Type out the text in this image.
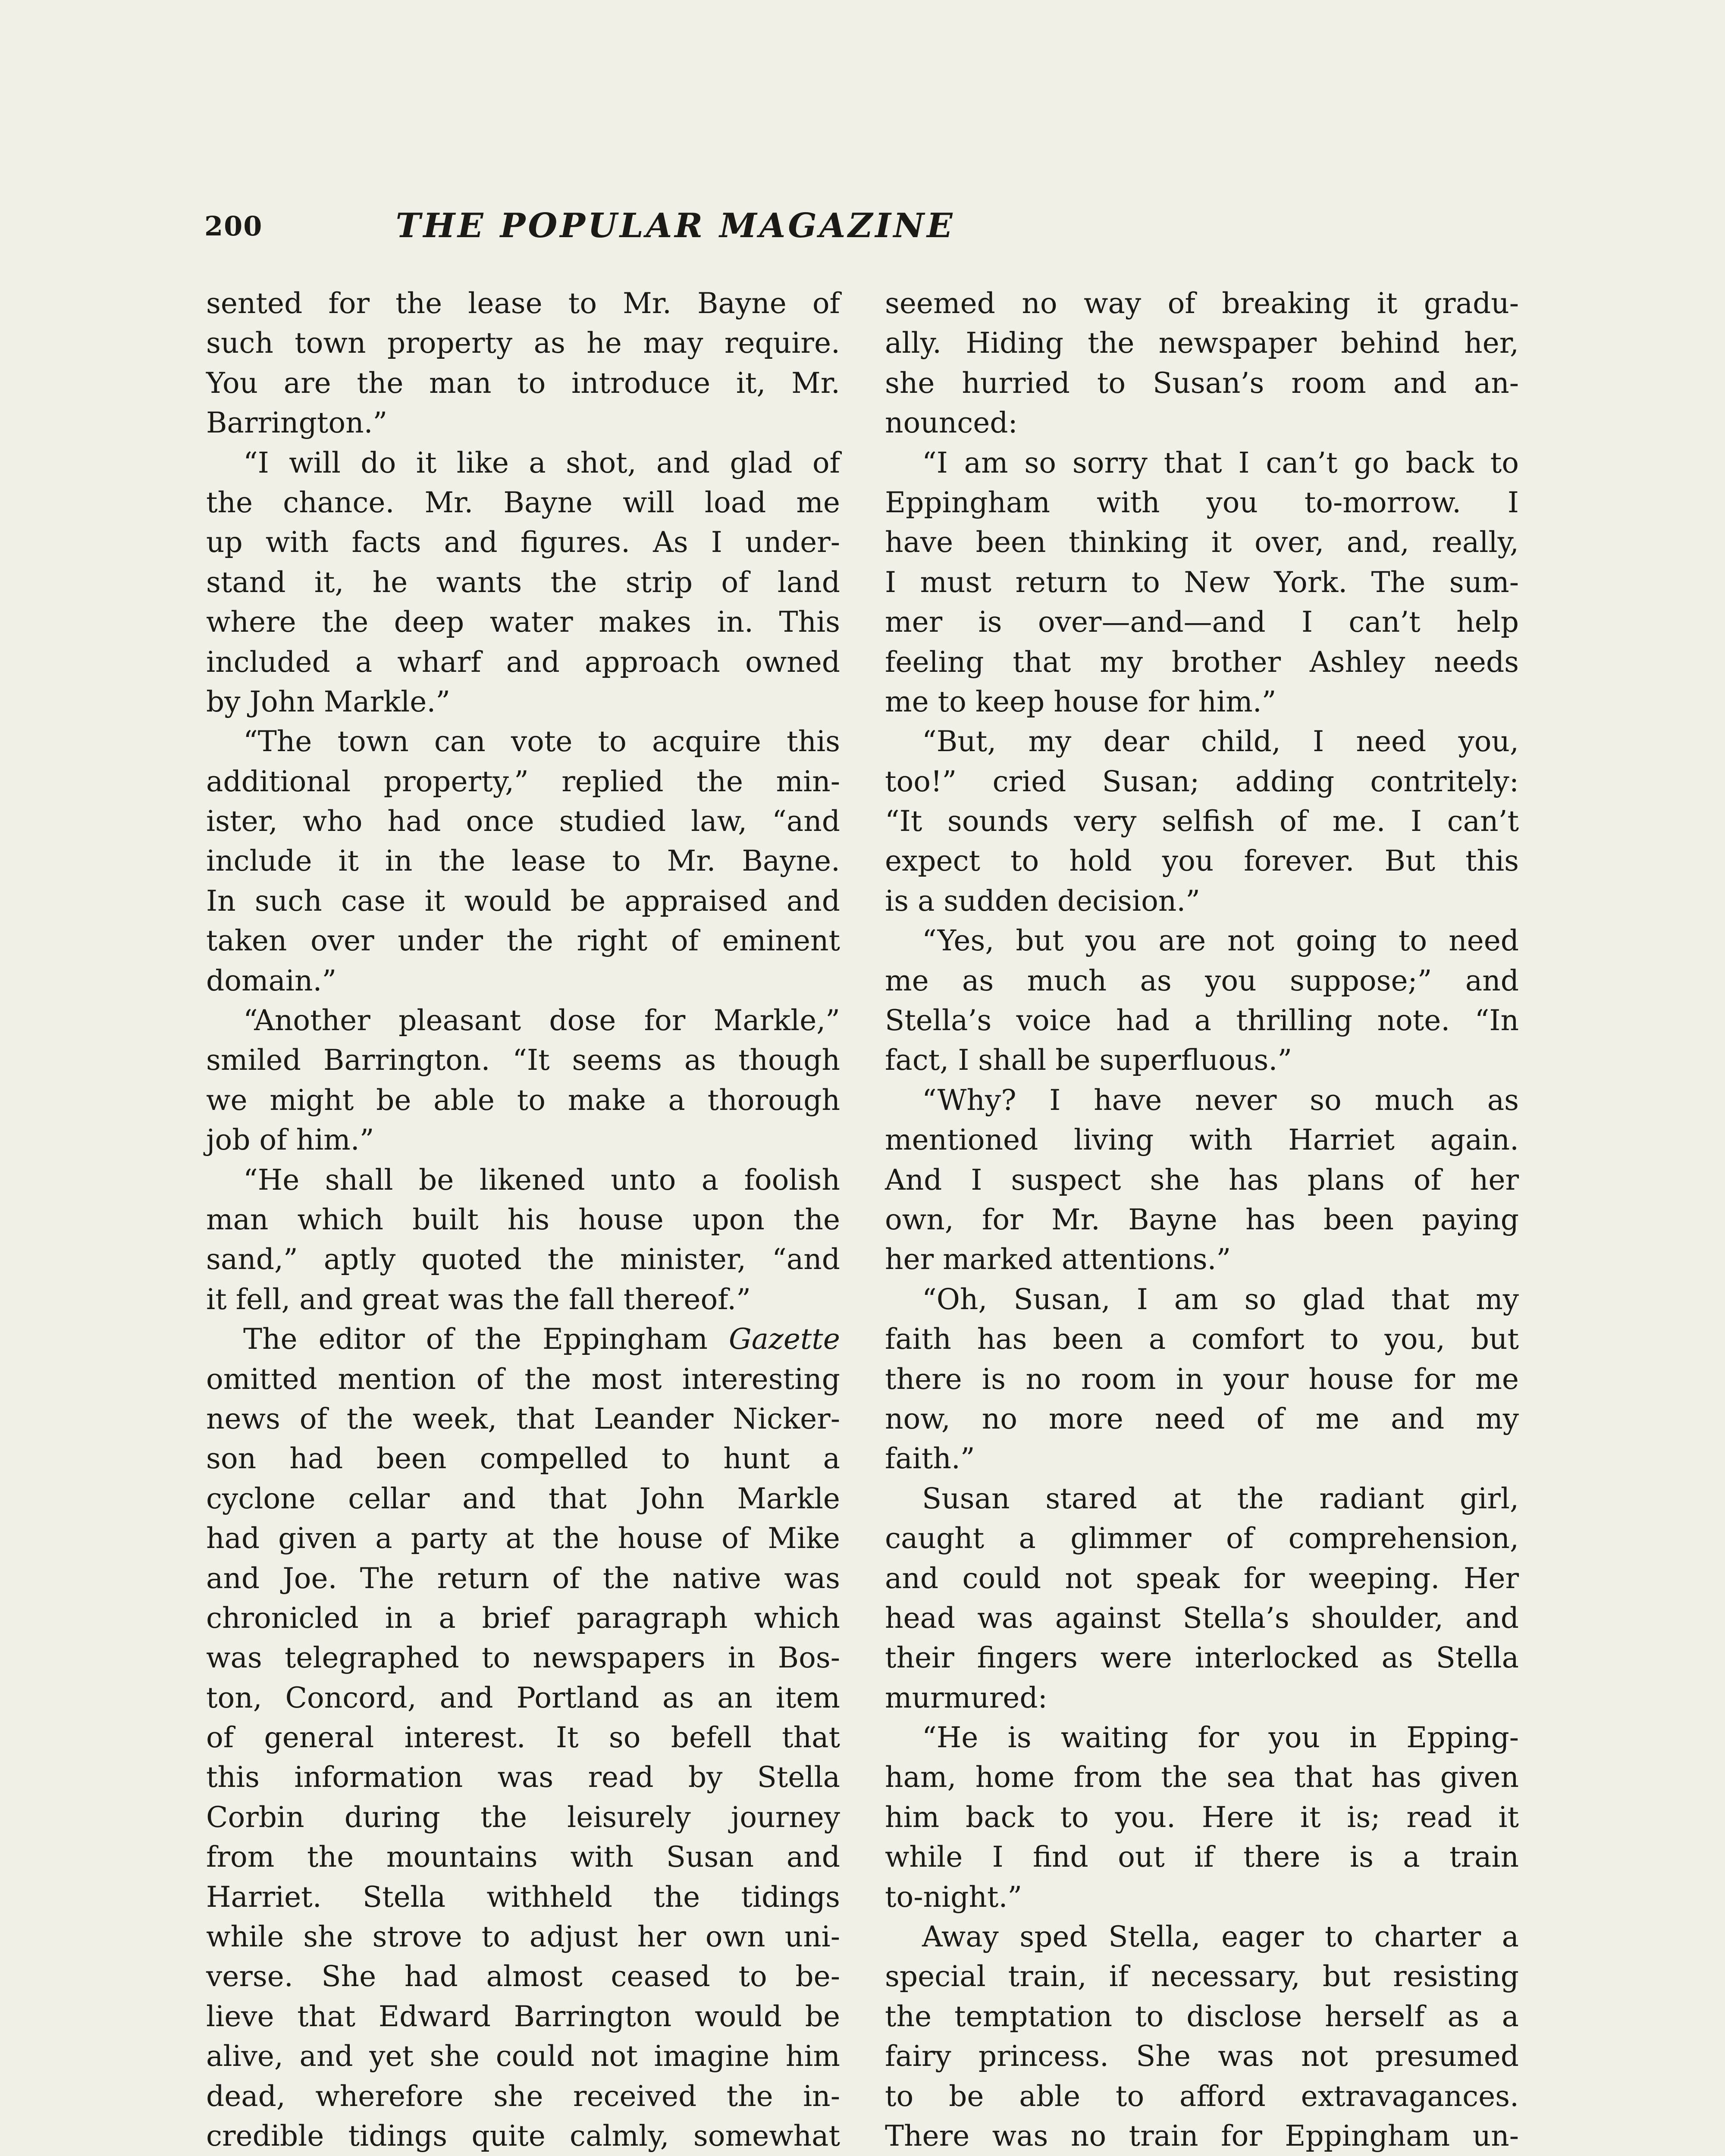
200	THE POPULAR MAGAZINE
sented for the lease to Mr. Bayne of
such town property as he may require.
You are the man to introduce it, Mr.
Barrington.”
“I will do it like a shot, and glad of
the chance. Mr. Bayne will load me
up with facts and figures. As I under-
stand it, he wants the strip of land
where the deep water makes in. This
included a wharf and approach owned
by John Markle.”
“The town can vote to acquire this
additional property,” replied the min-
ister, who had once studied law, “and
include it in the lease to Mr. Bayne.
In such case it would be appraised and
taken over under the right of eminent
domain.”
“Another pleasant dose for Markle,”
smiled Barrington. “It seems as though
we might be able to make a thorough
job of him.”
“He shall be likened unto a foolish
man which built his house upon the
sand,” aptly quoted the minister, “and
it fell, and great was the fall thereof.”
The editor of the Eppingham Gazette
omitted mention of the most interesting
news of the week, that Leander Nicker-
son had been compelled to hunt a
cyclone cellar and that John Markle
had given a party at the house of Mike
and Joe. The return of the native was
chronicled in a brief paragraph which
was telegraphed to newspapers in Bos-
ton, Concord, and Portland as an item
of general interest. It so befell that
this information was read by Stella
Corbin during the leisurely journey
from the mountains with Susan and
Harriet. Stella withheld the tidings
while she strove to adjust her own uni-
verse. She had almost ceased to be-
lieve that Edward Barrington would be
alive, and yet she could not imagine him
dead, wherefore she received the in-
credible tidings quite calmly, somewhat
seemed no way of breaking it gradu-
ally. Hiding the newspaper behind her,
she hurried to Susan’s room and an-
nounced:
“I am so sorry that I can’t go back to
Eppingham with you to-morrow. I
have been thinking it over, and, really,
I must return to New York. The sum-
mer is over—and—and I can’t help
feeling that my brother Ashley needs
me to keep house for him.”
“But, my dear child, I need you,
too!” cried Susan; adding contritely:
“It sounds very selfish of me. I can’t
expect to hold you forever. But this
is a sudden decision.”
“Yes, but you are not going to need
me as much as you suppose;” and
Stella’s voice had a thrilling note. “In
fact, I shall be superfluous.”
“Why? I have never so much as
mentioned living with Harriet again.
And I suspect she has plans of her
own, for Mr. Bayne has been paying
her marked attentions.”
“Oh, Susan, I am so glad that my
faith has been a comfort to you, but
there is no room in your house for me
now, no more need of me and my
faith.”
Susan stared at the radiant girl,
caught a glimmer of comprehension,
and could not speak for weeping. Her
head was against Stella’s shoulder, and
their fingers were interlocked as Stella
murmured:
“He is waiting for you in Epping-
ham, home from the sea that has given
him back to you. Here it is; read it
while I find out if there is a train
to-night.”
Away sped Stella, eager to charter a
special train, if necessary, but resisting
the temptation to disclose herself as a
fairy princess. She was not presumed
to be able to afford extravagances.
There was no train for Eppingham un-
